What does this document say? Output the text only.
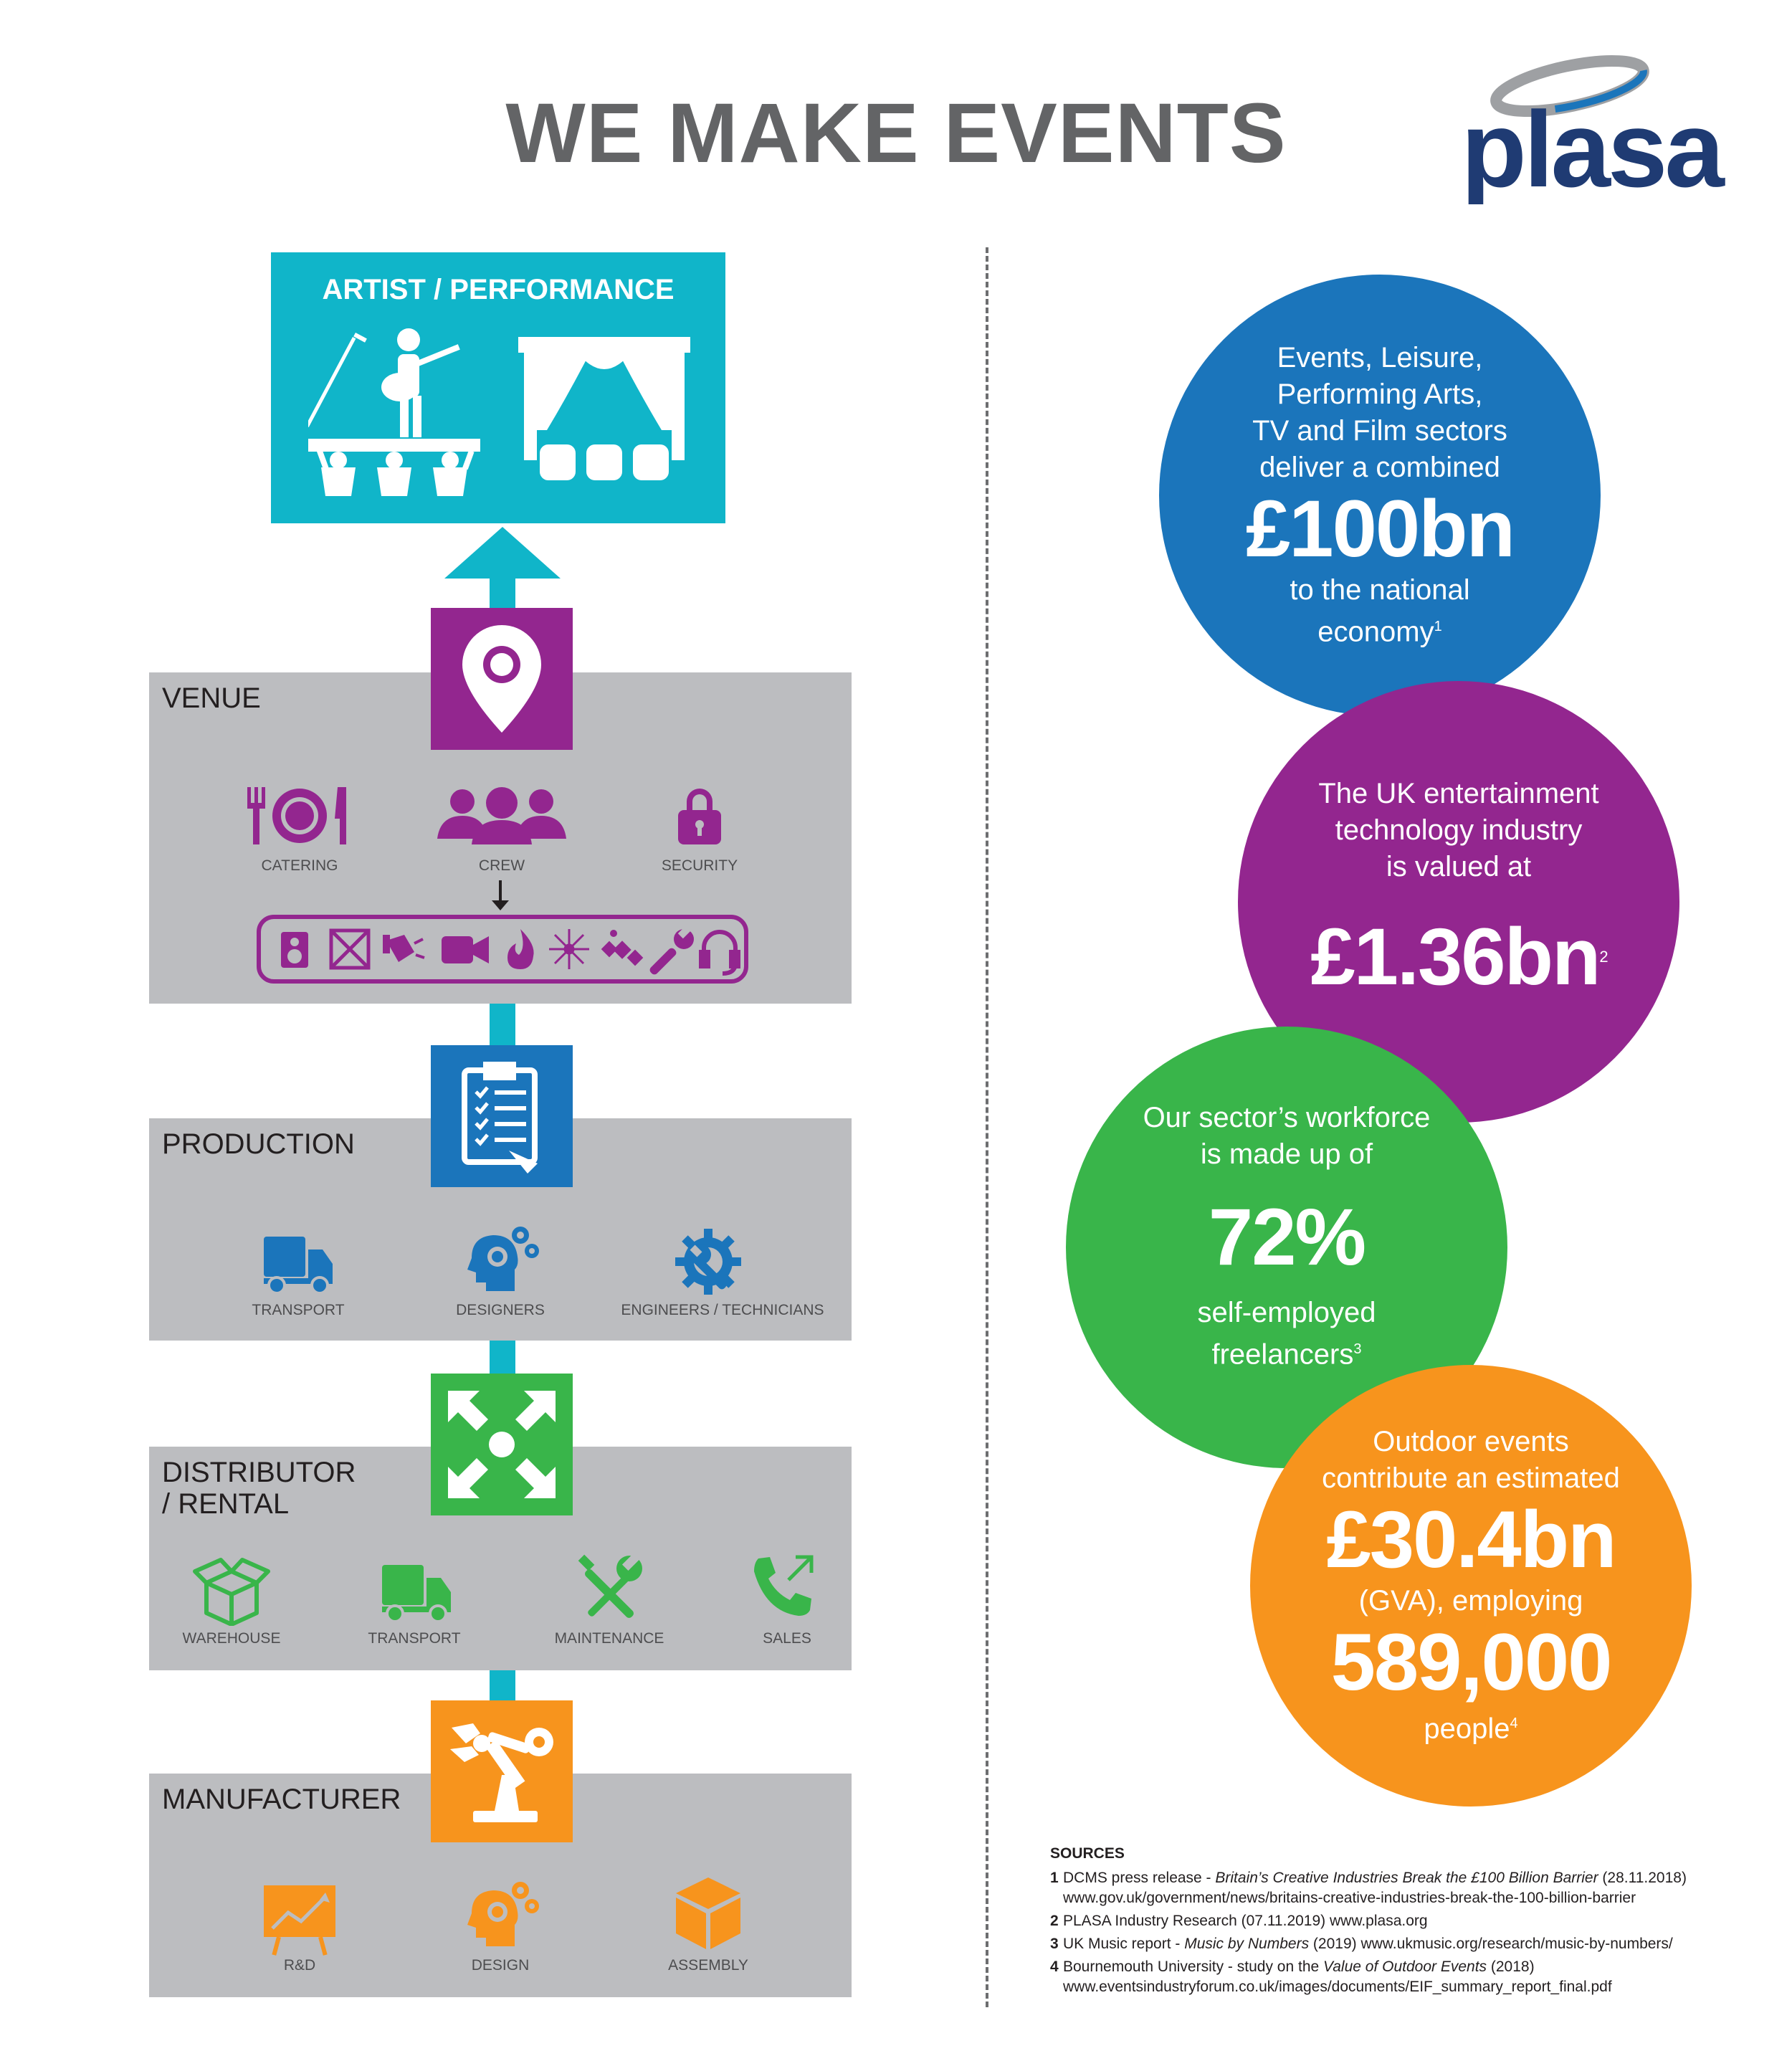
WE MAKE EVENTS	plasa
ARTIST / PERFORMANCE
VENUE
CATERING	CREW	SECURITY
PRODUCTION
TRANSPORT	DESIGNERS	ENGINEERS / TECHNICIANS
DISTRIBUTOR
/ RENTAL
WAREHOUSE	TRANSPORT	MAINTENANCE	SALES
MANUFACTURER
R&D	DESIGN	ASSEMBLY
Events, Leisure,
Performing Arts,
TV and Film sectors
deliver a combined
£100bn
to the national
economy$^1$
The UK entertainment
technology industry
is valued at
$£1.36bn^2$
Our sector’s workforce
is made up of
72%
self-employed
freelancers$^3$
Outdoor events
contribute an estimated
£30.4bn
(GVA), employing
589,000
people$^4$
SOURCES
1 DCMS press release - Britain’s Creative Industries Break the £100 Billion Barrier (28.11.2018)
www.gov.uk/government/news/britains-creative-industries-break-the-100-billion-barrier
2 PLASA Industry Research (07.11.2019) www.plasa.org
3 UK Music report - Music by Numbers (2019) www.ukmusic.org/research/music-by-numbers/
4 Bournemouth University - study on the Value of Outdoor Events (2018)
www.eventsindustryforum.co.uk/images/documents/EIF_summary_report_final.pdf
